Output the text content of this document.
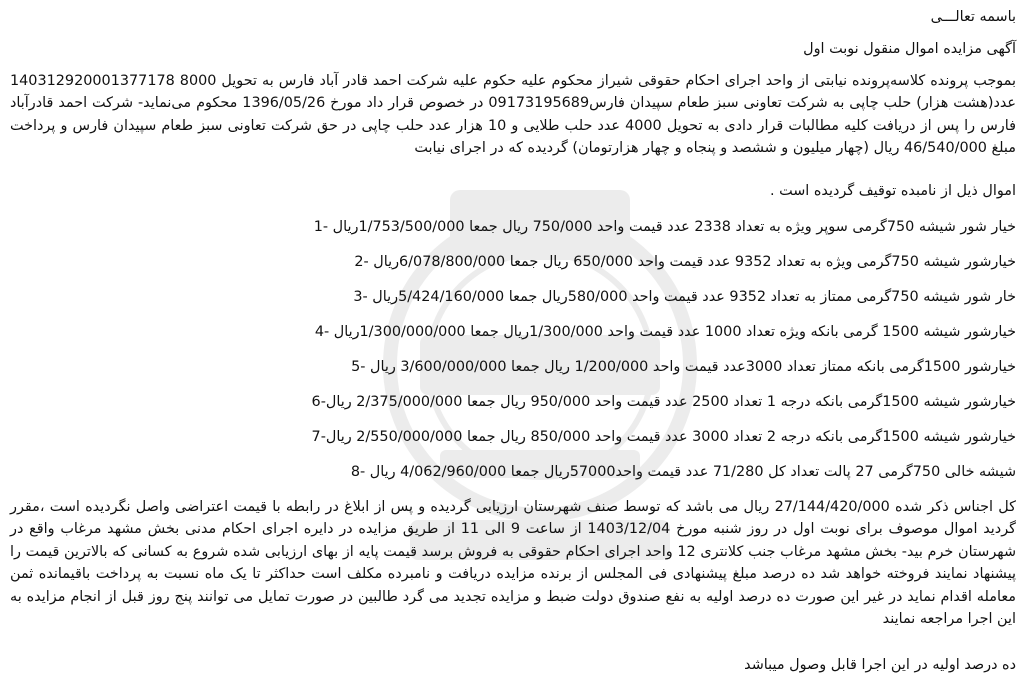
باسمه تعالـــی
آگهی مزایده اموال منقول نوبت اول
بموجب پرونده کلاسه14031292000137717‪8 پرونده نیابتی از واحد اجرای احکام حقوقی شیراز محکوم علیه حکوم علیه شرکت احمد قادر آباد فارس به تحویل 8000 عدد(هشت هزار) حلب چاپی به شرکت تعاونی سبز طعام سپیدان فارس09173195689 در خصوص قرار داد مورخ 1396/05/26 محکوم می‌نماید- شرکت احمد قادرآباد فارس را پس از دریافت کلیه مطالبات قرار دادی به تحویل 4000 عدد حلب طلایی و 10 هزار عدد حلب چاپی در حق شرکت تعاونی سبز طعام سپیدان فارس و پرداخت مبلغ 46/540/000 ریال (چهار میلیون و ششصد و پنجاه و چهار هزارتومان) گردیده که در اجرای نیابت
اموال ذیل از نامبده توقیف گردیده است .
خیار شور شیشه 750گرمی سوپر ویژه به تعداد 2338 عدد قیمت واحد 750/000 ریال جمعا 1/753/500/000ریال -1
خیارشور شیشه 750گرمی ویژه به تعداد 9352 عدد قیمت واحد 650/000 ریال جمعا 6/078/800/000ریال -2
خار شور شیشه 750گرمی ممتاز به تعداد 9352 عدد قیمت واحد 580/000ریال جمعا 5/424/160/000ریال -3
خیارشور شیشه 1500 گرمی بانکه ویژه تعداد 1000 عدد قیمت واحد 1/300/000ریال جمعا 1/300/000/000ریال -4
خیارشور 1500گرمی بانکه ممتاز تعداد 3000عدد قیمت واحد 1/200/000 ریال جمعا 3/600/000/000 ریال -5
خیارشور شیشه 1500گرمی بانکه درجه 1 تعداد 2500 عدد قیمت واحد 950/000 ریال جمعا 2/375/000/000 ریال-6
خیارشور شیشه 1500گرمی بانکه درجه 2 تعداد 3000 عدد قیمت واحد 850/000 ریال جمعا 2/550/000/000 ریال-7
شیشه خالی 750گرمی 27 پالت تعداد کل 71/280 عدد قیمت واحد57000ریال جمعا 4/062/960/000 ریال -8
کل اجناس ذکر شده 27/144/420/000 ریال می باشد که توسط صنف شهرستان ارزیابی گردیده و پس از ابلاغ در رابطه با قیمت اعتراضی واصل نگردیده است ،مقرر گردید اموال موصوف برای نوبت اول در روز شنبه مورخ 1403/12/04 از ساعت 9 الی 11 از طریق مزایده در دایره اجرای احکام مدنی بخش مشهد مرغاب واقع در شهرستان خرم بید- بخش مشهد مرغاب جنب کلانتری 12 واحد اجرای احکام حقوقی به فروش برسد قیمت پایه از بهای ارزیابی شده شروع به کسانی که بالاترین قیمت را پیشنهاد نمایند فروخته خواهد شد ده درصد مبلغ پیشنهادی فی المجلس از برنده مزایده دریافت و نامبرده مکلف است حداکثر تا یک ماه نسبت به پرداخت باقیمانده ثمن معامله اقدام نماید در غیر این صورت ده درصد اولیه به نفع صندوق دولت ضبط و مزایده تجدید می گرد طالبین در صورت تمایل می توانند پنج روز قبل از انجام مزایده به این اجرا مراجعه نمایند
ده درصد اولیه در این اجرا قابل وصول میباشد
